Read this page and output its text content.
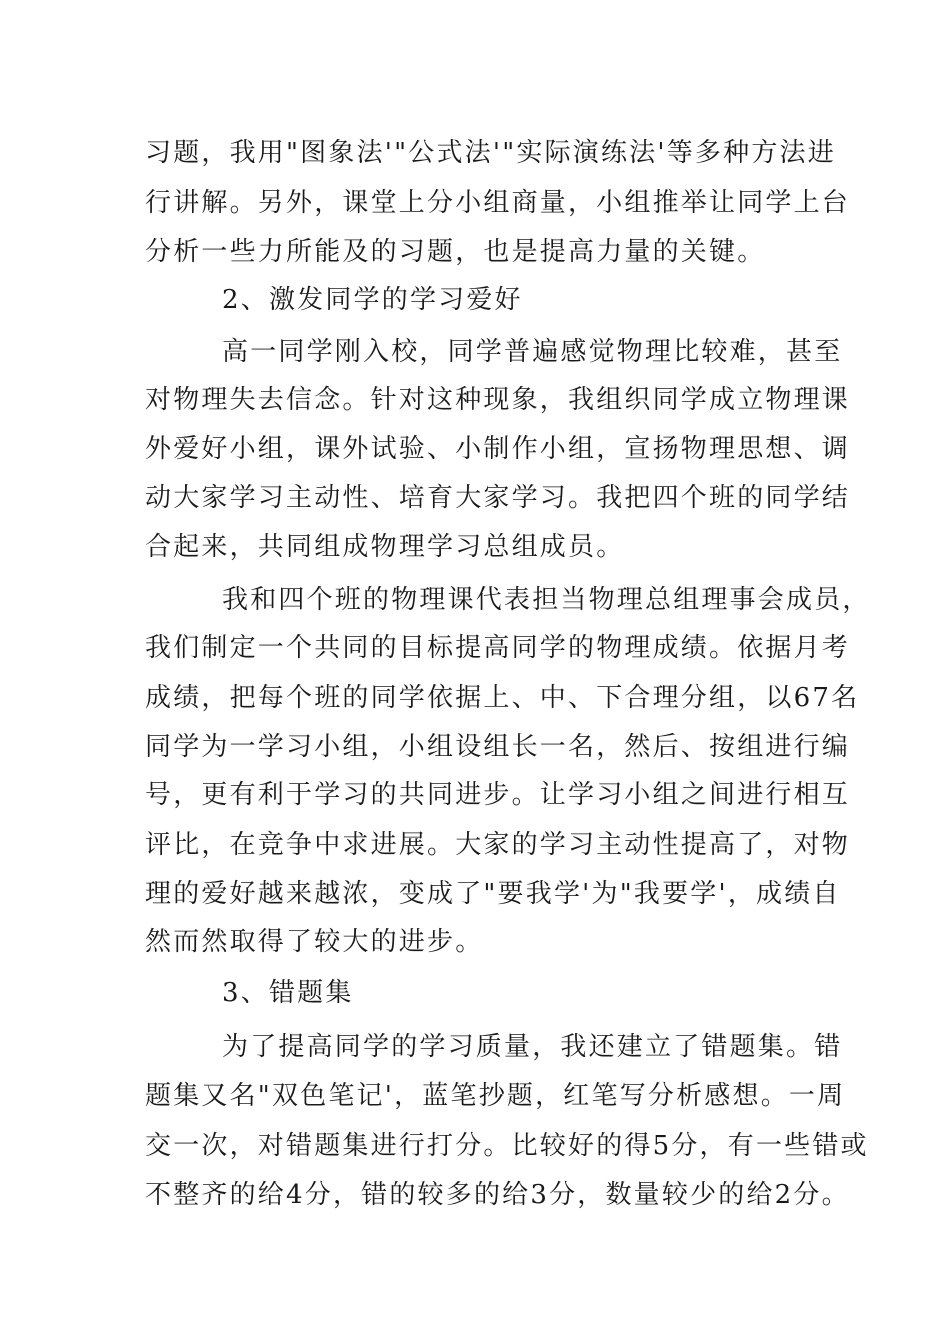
习题，我用"图象法'"公式法'"实际演练法'等多种方法进
行讲解。另外，课堂上分小组商量，小组推举让同学上台
分析一些力所能及的习题，也是提高力量的关键。
2、激发同学的学习爱好
高一同学刚入校，同学普遍感觉物理比较难，甚至
对物理失去信念。针对这种现象，我组织同学成立物理课
外爱好小组，课外试验、小制作小组，宣扬物理思想、调
动大家学习主动性、培育大家学习。我把四个班的同学结
合起来，共同组成物理学习总组成员。
我和四个班的物理课代表担当物理总组理事会成员，
我们制定一个共同的目标提高同学的物理成绩。依据月考
成绩，把每个班的同学依据上、中、下合理分组，以67名
同学为一学习小组，小组设组长一名，然后、按组进行编
号，更有利于学习的共同进步。让学习小组之间进行相互
评比，在竞争中求进展。大家的学习主动性提高了，对物
理的爱好越来越浓，变成了"要我学'为"我要学'，成绩自
然而然取得了较大的进步。
3、错题集
为了提高同学的学习质量，我还建立了错题集。错
题集又名"双色笔记'，蓝笔抄题，红笔写分析感想。一周
交一次，对错题集进行打分。比较好的得5分，有一些错或
不整齐的给4分，错的较多的给3分，数量较少的给2分。
